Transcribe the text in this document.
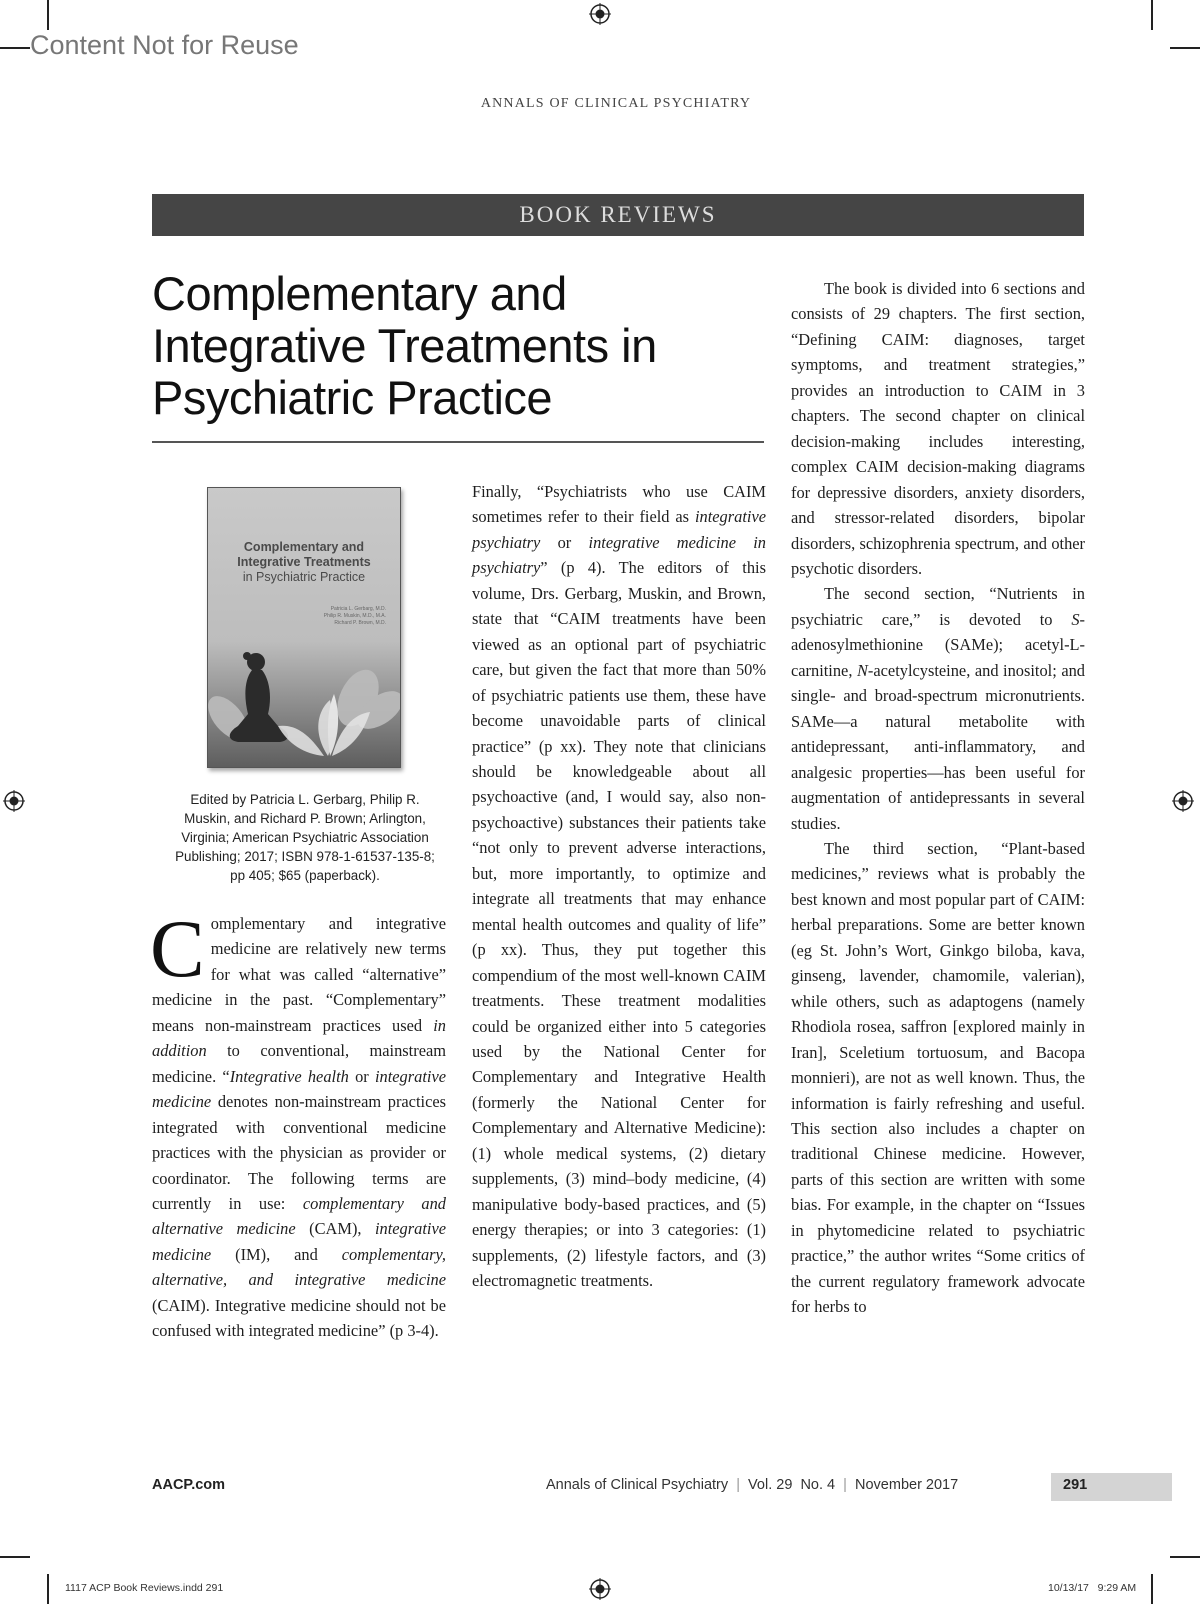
Content Not for Reuse
ANNALS OF CLINICAL PSYCHIATRY
BOOK REVIEWS
Complementary and
Integrative Treatments in
Psychiatric Practice
Complementary and
Integrative Treatments

in Psychiatric Practice
Patricia L. Gerbarg, M.D.
Philip R. Muskin, M.D., M.A.
Richard P. Brown, M.D.
Edited by Patricia L. Gerbarg, Philip R.
Muskin, and Richard P. Brown; Arlington,
Virginia; American Psychiatric Association
Publishing; 2017; ISBN 978-1-61537-135-8;
pp 405; $65 (paperback).

Complementary and integrative medicine are relatively new terms for what was called “alternative” medicine in the past. “Complementary” means non-mainstream practices used in addition to conventional, mainstream medicine. “Integrative health or integrative medicine denotes non-mainstream practices integrated with conventional medicine practices with the physician as provider or coordinator. The following terms are currently in use: complementary and alternative medicine (CAM), integrative medicine (IM), and complementary, alternative, and integrative medicine (CAIM). Integrative medicine should not be confused with integrated medicine” (p 3-4).

Finally, “Psychiatrists who use CAIM sometimes refer to their field as integrative psychiatry or integrative medicine in psychiatry” (p 4). The editors of this volume, Drs. Gerbarg, Muskin, and Brown, state that “CAIM treatments have been viewed as an optional part of psychiatric care, but given the fact that more than 50% of psychiatric patients use them, these have become unavoidable parts of clinical practice” (p xx). They note that clinicians should be knowledgeable about all psychoactive (and, I would say, also non-psychoactive) substances their patients take “not only to prevent adverse interactions, but, more importantly, to optimize and integrate all treatments that may enhance mental health outcomes and quality of life” (p xx). Thus, they put together this compendium of the most well-known CAIM treatments. These treatment modalities could be organized either into 5 categories used by the National Center for Complementary and Integrative Health (formerly the National Center for Complementary and Alternative Medicine): (1) whole medical systems, (2) dietary supplements, (3) mind–body medicine, (4) manipulative body-based practices, and (5) energy therapies; or into 3 categories: (1) supplements, (2) lifestyle factors, and (3) electromagnetic treatments.

The book is divided into 6 sections and consists of 29 chapters. The first section, “Defining CAIM: diagnoses, target symptoms, and treatment strategies,” provides an introduction to CAIM in 3 chapters. The second chapter on clinical decision-making includes interesting, complex CAIM decision-making diagrams for depressive disorders, anxiety disorders, and stressor-related disorders, bipolar disorders, schizophrenia spectrum, and other psychotic disorders.

The second section, “Nutrients in psychiatric care,” is devoted to S-adenosylmethionine (SAMe); acetyl-L-carnitine, N-acetylcysteine, and inositol; and single- and broad-spectrum micronutrients. SAMe—a natural metabolite with antidepressant, anti-inflammatory, and analgesic properties—has been useful for augmentation of antidepressants in several studies.

The third section, “Plant-based medicines,” reviews what is probably the best known and most popular part of CAIM: herbal preparations. Some are better known (eg St. John’s Wort, Ginkgo biloba, kava, ginseng, lavender, chamomile, valerian), while others, such as adaptogens (namely Rhodiola rosea, saffron [explored mainly in Iran], Sceletium tortuosum, and Bacopa monnieri), are not as well known. Thus, the information is fairly refreshing and useful. This section also includes a chapter on traditional Chinese medicine. However, parts of this section are written with some bias. For example, in the chapter on “Issues in phytomedicine related to psychiatric practice,” the author writes “Some critics of the current regulatory framework advocate for herbs to

AACP.com	Annals of Clinical Psychiatry | Vol. 29  No. 4 | November 2017	291
1117 ACP Book Reviews.indd 291	10/13/17   9:29 AM
